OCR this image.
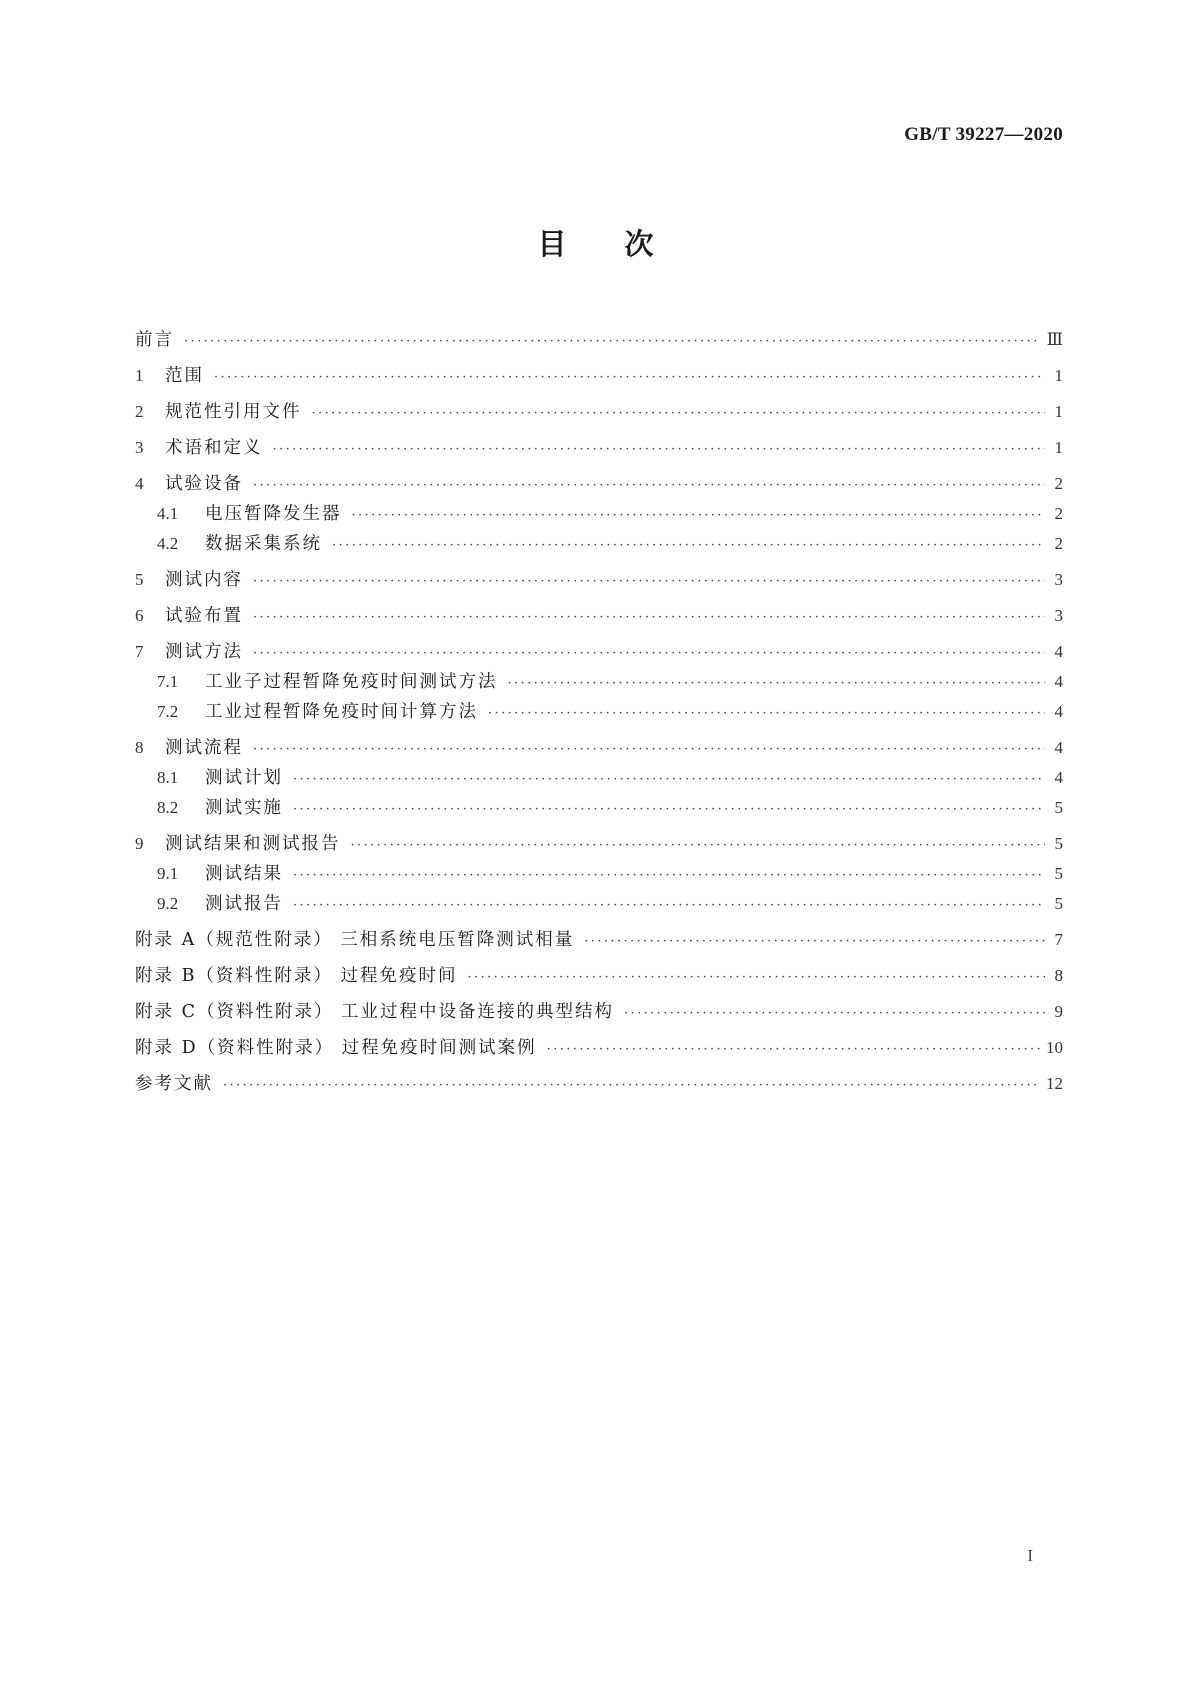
GB/T 39227—2020
目次
前言 ·····	Ⅲ
1	范围 ·····	1
2	规范性引用文件 ·····	1
3	术语和定义 ·····	1
4	试验设备 ·····	2
4.1	电压暂降发生器 ·····	2
4.2	数据采集系统 ·····	2
5	测试内容 ·····	3
6	试验布置 ·····	3
7	测试方法 ·····	4
7.1	工业子过程暂降免疫时间测试方法 ·····	4
7.2	工业过程暂降免疫时间计算方法 ·····	4
8	测试流程 ·····	4
8.1	测试计划 ·····	4
8.2	测试实施 ·····	5
9	测试结果和测试报告 ·····	5
9.1	测试结果 ·····	5
9.2	测试报告 ·····	5
附录 A（规范性附录） 三相系统电压暂降测试相量 ·····	7
附录 B（资料性附录） 过程免疫时间 ·····	8
附录 C（资料性附录） 工业过程中设备连接的典型结构 ·····	9
附录 D（资料性附录） 过程免疫时间测试案例 ·····	10
参考文献 ·····	12
I
